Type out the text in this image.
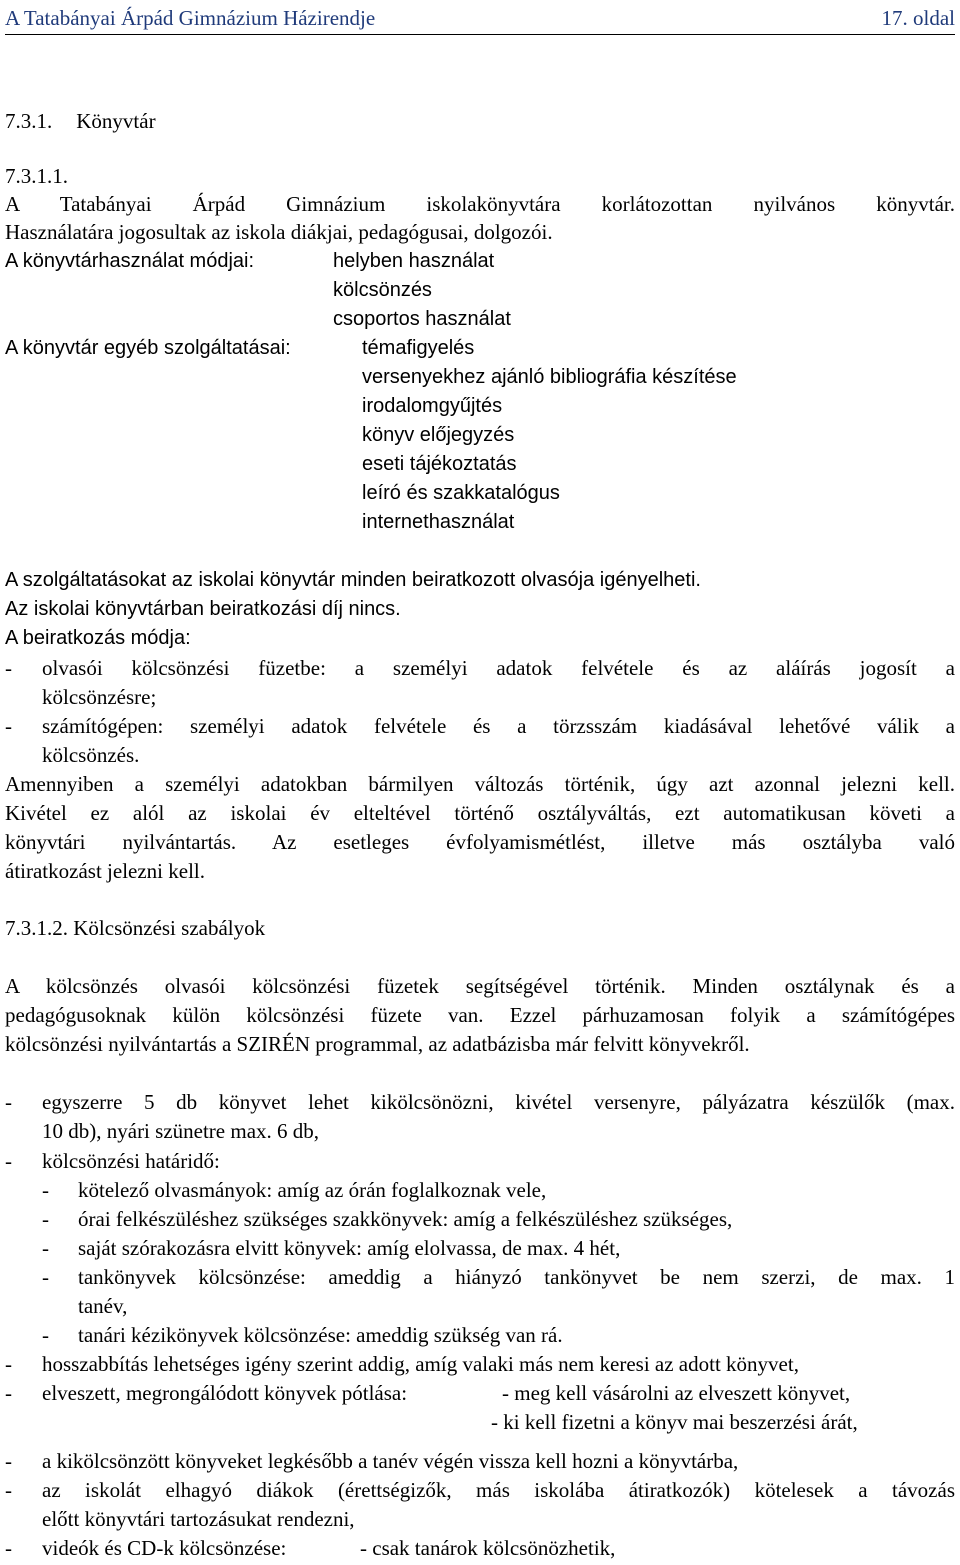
A Tatabányai Árpád Gimnázium Házirendje	17. oldal
7.3.1. Könyvtár
7.3.1.1.
A Tatabányai Árpád Gimnázium iskolakönyvtára korlátozottan nyilvános könyvtár.
Használatára jogosultak az iskola diákjai, pedagógusai, dolgozói.
A könyvtárhasználat módjai:	helyben használat
kölcsönzés
csoportos használat
A könyvtár egyéb szolgáltatásai:	témafigyelés
versenyekhez ajánló bibliográfia készítése
irodalomgyűjtés
könyv előjegyzés
eseti tájékoztatás
leíró és szakkatalógus
internethasználat
A szolgáltatásokat az iskolai könyvtár minden beiratkozott olvasója igényelheti.
Az iskolai könyvtárban beiratkozási díj nincs.
A beiratkozás módja:
olvasói kölcsönzési füzetbe: a személyi adatok felvétele és az aláírás jogosít a
-
kölcsönzésre;
számítógépen: személyi adatok felvétele és a törzsszám kiadásával lehetővé válik a
-
kölcsönzés.
Amennyiben a személyi adatokban bármilyen változás történik, úgy azt azonnal jelezni kell.
Kivétel ez alól az iskolai év elteltével történő osztályváltás, ezt automatikusan követi a
könyvtári nyilvántartás. Az esetleges évfolyamismétlést, illetve más osztályba való
átiratkozást jelezni kell.
7.3.1.2. Kölcsönzési szabályok
A kölcsönzés olvasói kölcsönzési füzetek segítségével történik. Minden osztálynak és a
pedagógusoknak külön kölcsönzési füzete van. Ezzel párhuzamosan folyik a számítógépes
kölcsönzési nyilvántartás a SZIRÉN programmal, az adatbázisba már felvitt könyvekről.
-	egyszerre 5 db könyvet lehet kikölcsönözni, kivétel versenyre, pályázatra készülők (max.
10 db), nyári szünetre max. 6 db,
-	kölcsönzési határidő:
-	kötelező olvasmányok: amíg az órán foglalkoznak vele,
-	órai felkészüléshez szükséges szakkönyvek: amíg a felkészüléshez szükséges,
-	saját szórakozásra elvitt könyvek: amíg elolvassa, de max. 4 hét,
-	tankönyvek kölcsönzése: ameddig a hiányzó tankönyvet be nem szerzi, de max. 1
tanév,
-	tanári kézikönyvek kölcsönzése: ameddig szükség van rá.
-	hosszabbítás lehetséges igény szerint addig, amíg valaki más nem keresi az adott könyvet,
-	elveszett, megrongálódott könyvek pótlása:	- meg kell vásárolni az elveszett könyvet,
- ki kell fizetni a könyv mai beszerzési árát,
-	a kikölcsönzött könyveket legkésőbb a tanév végén vissza kell hozni a könyvtárba,
-	az iskolát elhagyó diákok (érettségizők, más iskolába átiratkozók) kötelesek a távozás
előtt könyvtári tartozásukat rendezni,
-	videók és CD-k kölcsönzése:	- csak tanárok kölcsönözhetik,
